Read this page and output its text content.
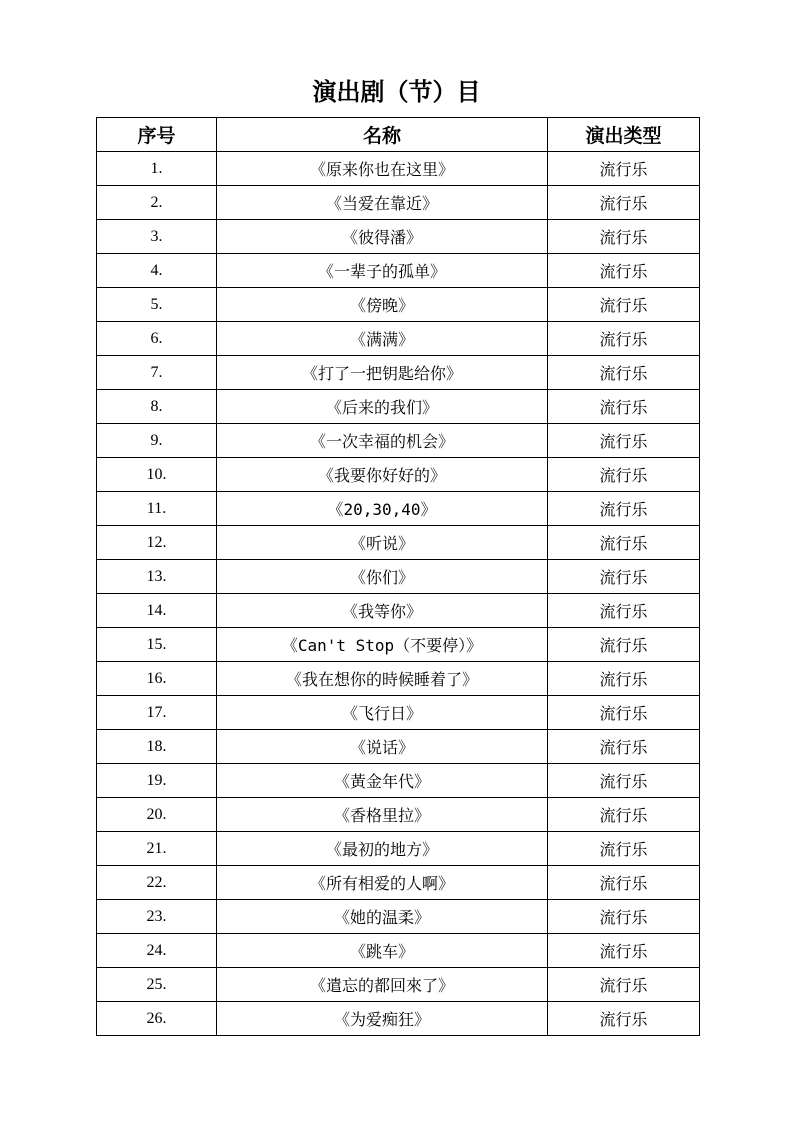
演出剧（节）目
序号	名称	演出类型
1.	《原来你也在这里》	流行乐
2.	《当爱在靠近》	流行乐
3.	《彼得潘》	流行乐
4.	《一辈子的孤单》	流行乐
5.	《傍晚》	流行乐
6.	《满满》	流行乐
7.	《打了一把钥匙给你》	流行乐
8.	《后来的我们》	流行乐
9.	《一次幸福的机会》	流行乐
10.	《我要你好好的》	流行乐
11.	《20,30,40》	流行乐
12.	《听说》	流行乐
13.	《你们》	流行乐
14.	《我等你》	流行乐
15.	《Can't Stop（不要停）》	流行乐
16.	《我在想你的時候睡着了》	流行乐
17.	《飞行日》	流行乐
18.	《说话》	流行乐
19.	《黃金年代》	流行乐
20.	《香格里拉》	流行乐
21.	《最初的地方》	流行乐
22.	《所有相爱的人啊》	流行乐
23.	《她的温柔》	流行乐
24.	《跳车》	流行乐
25.	《遣忘的都回來了》	流行乐
26.	《为爱痴狂》	流行乐
